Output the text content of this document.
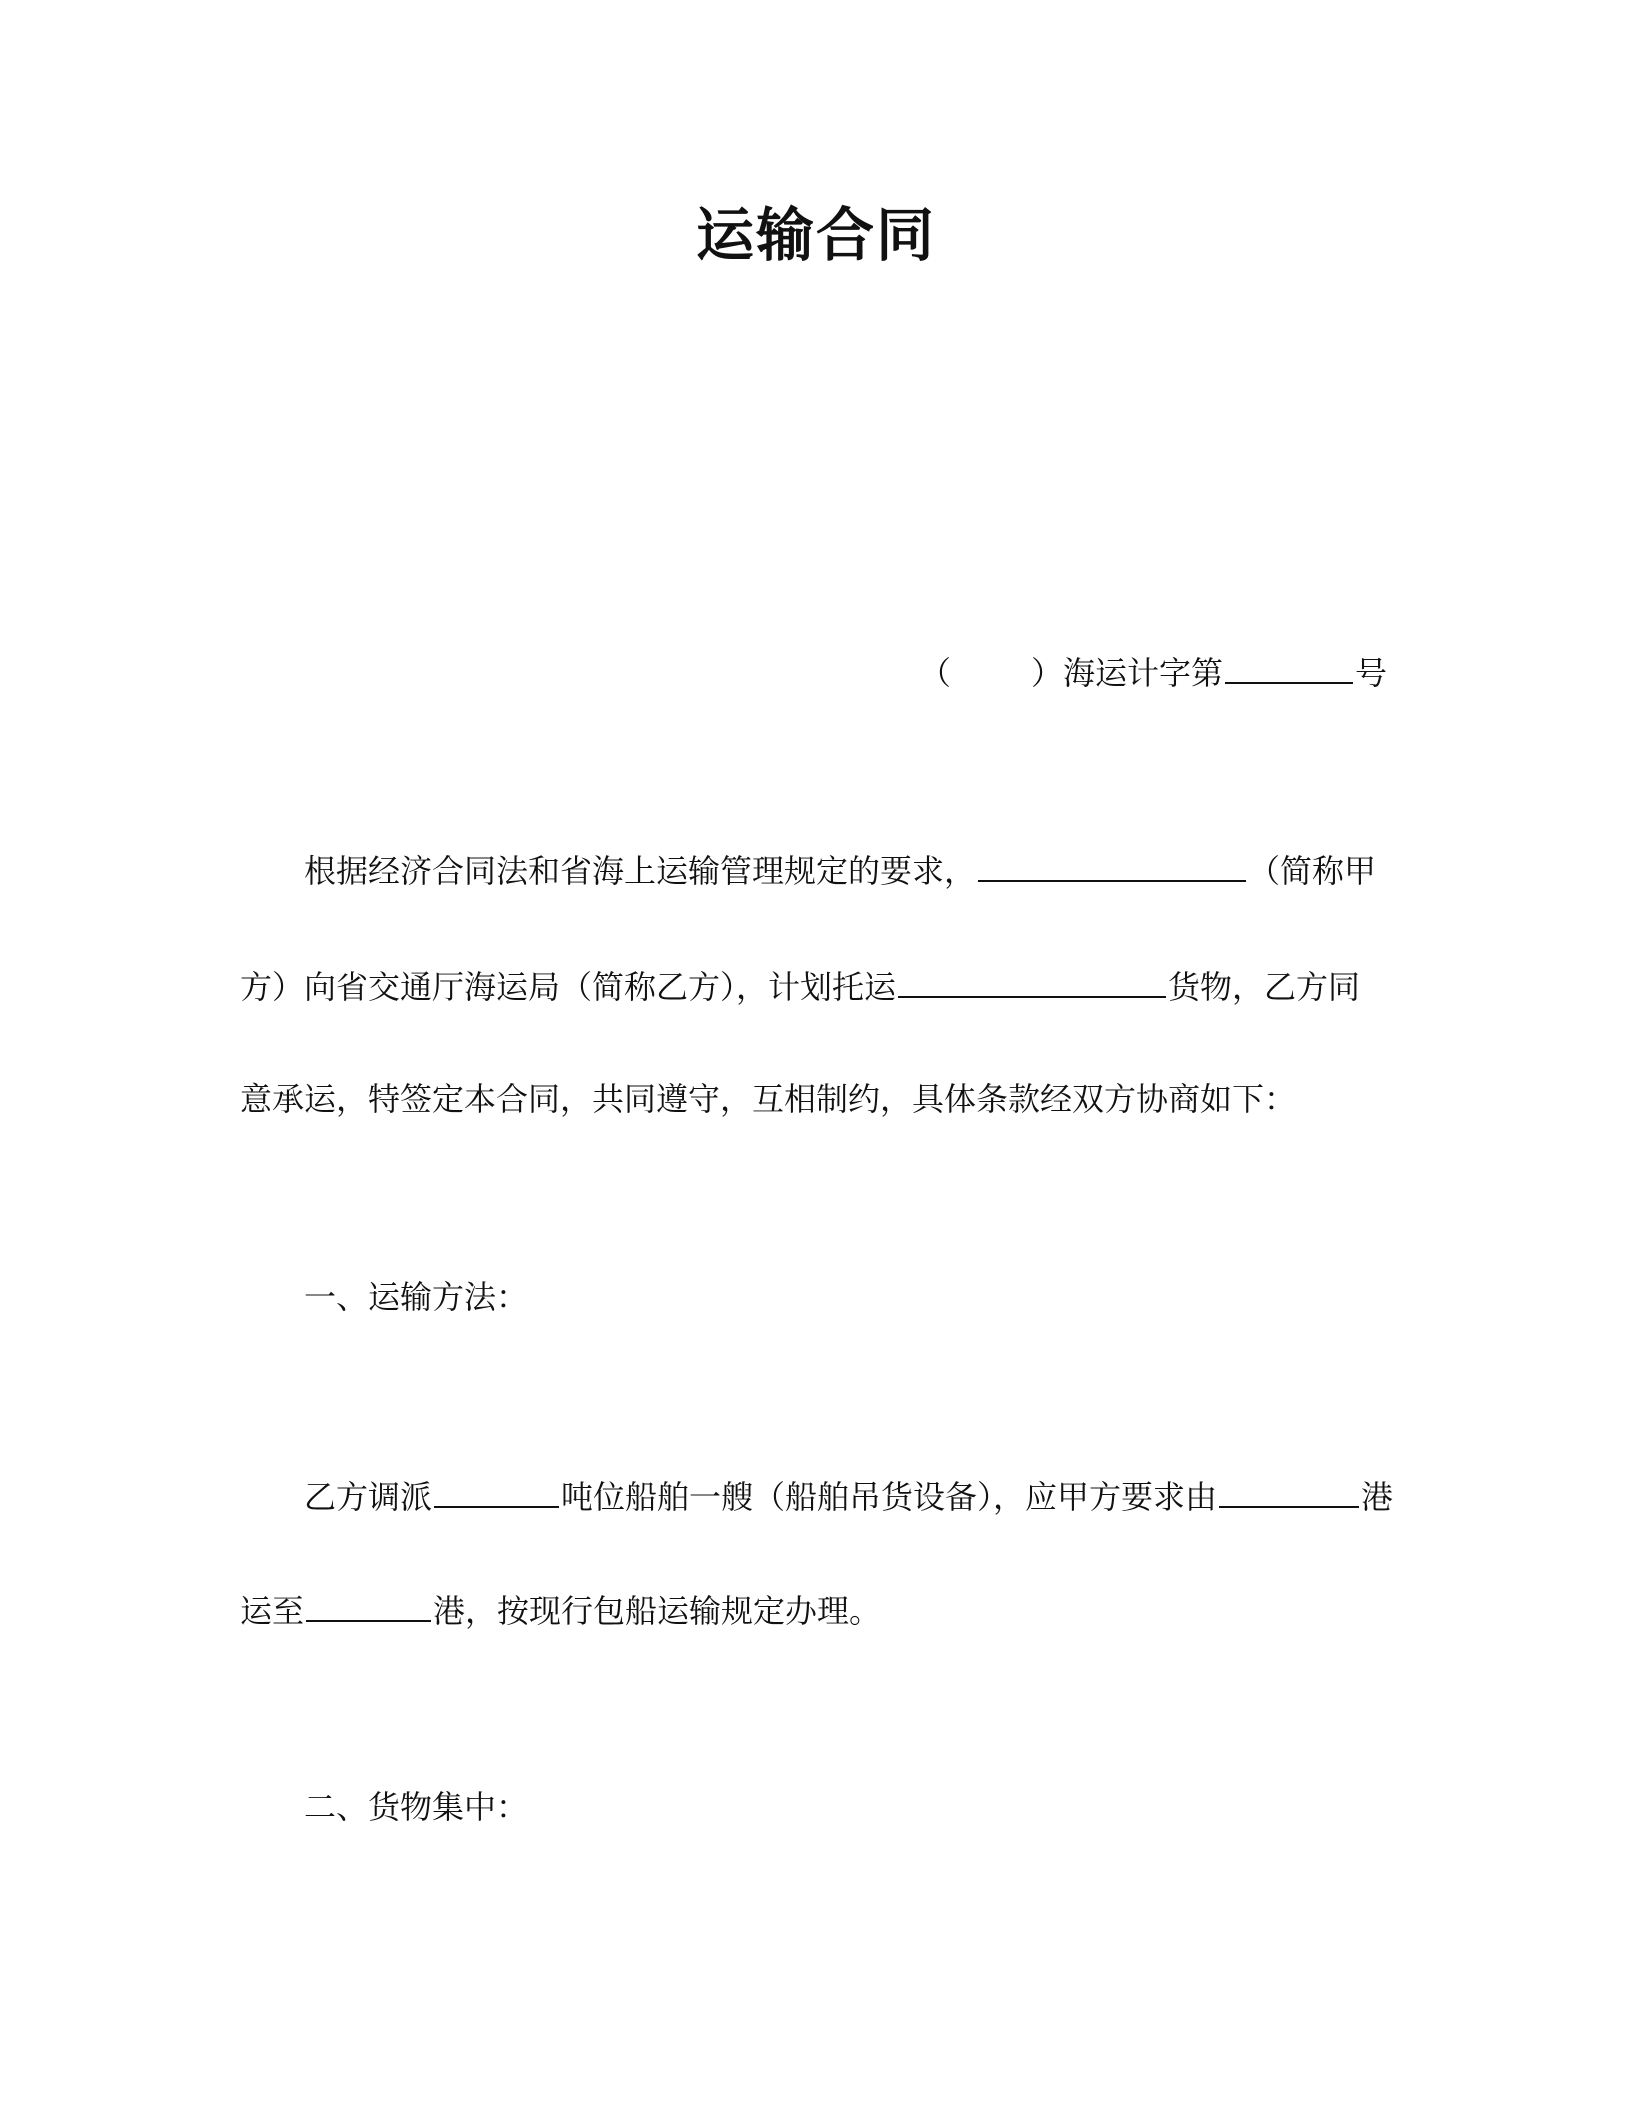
运输合同
（	）海运计字第	号
根据经济合同法和省海上运输管理规定的要求，	（简称甲
方）向省交通厅海运局（简称乙方），计划托运	货物，乙方同
意承运，特签定本合同，共同遵守，互相制约，具体条款经双方协商如下：
一、运输方法：
乙方调派	吨位船舶一艘（船舶吊货设备），应甲方要求由	港
运至	港，按现行包船运输规定办理。
二、货物集中：
